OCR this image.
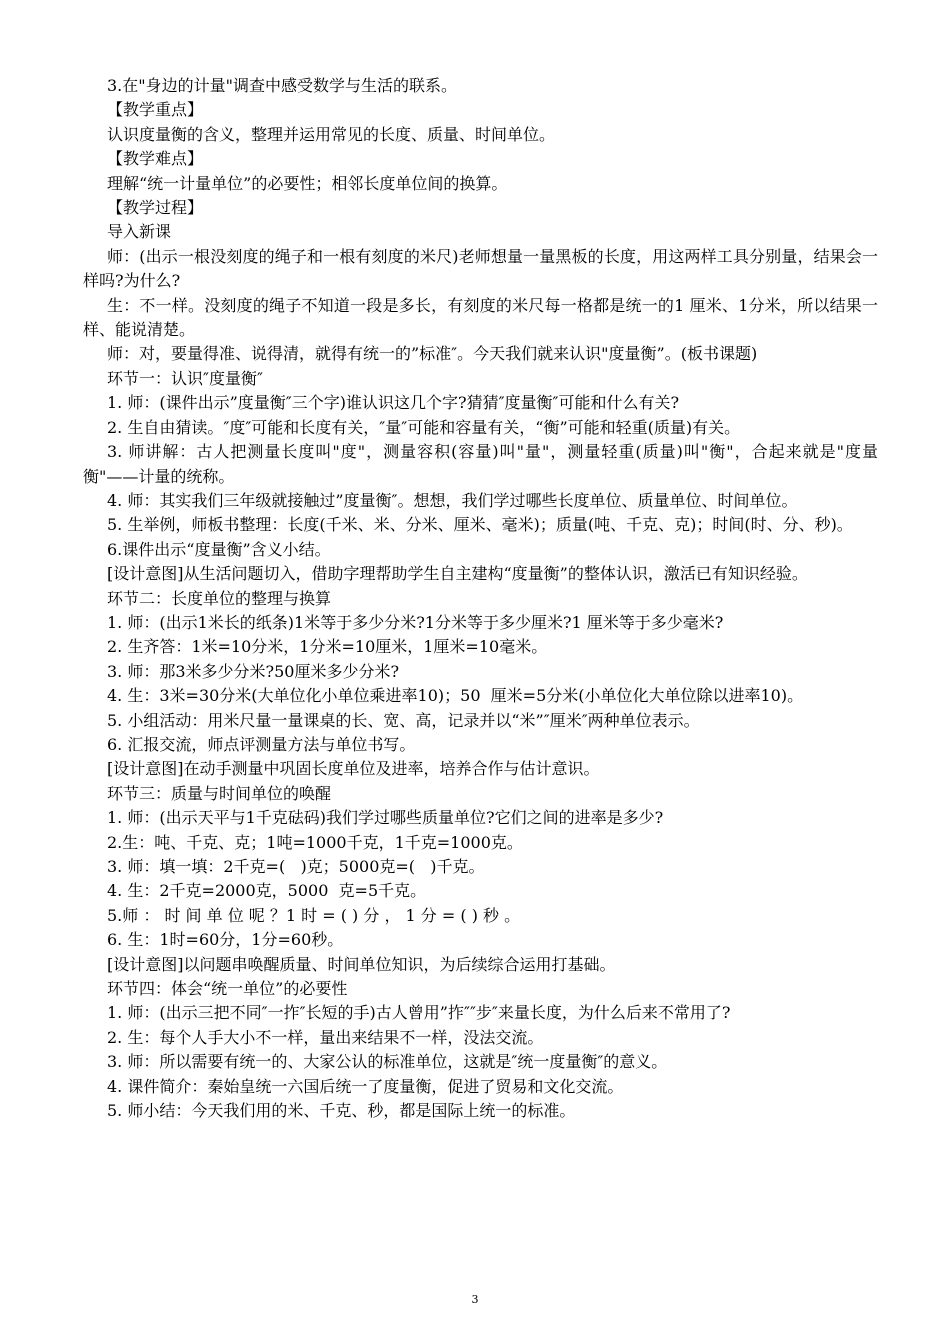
3.在"身边的计量"调查中感受数学与生活的联系。

【教学重点】

认识度量衡的含义，整理并运用常见的长度、质量、时间单位。

【教学难点】

理解“统一计量单位”的必要性；相邻长度单位间的换算。

【教学过程】

导入新课

师：(出示一根没刻度的绳子和一根有刻度的米尺)老师想量一量黑板的长度，用这两样工具分别量，结果会一样吗?为什么?

生：不一样。没刻度的绳子不知道一段是多长，有刻度的米尺每一格都是统一的1 厘米、1分米，所以结果一样、能说清楚。

师：对，要量得准、说得清，就得有统一的”标准″。今天我们就来认识"度量衡”。(板书课题)

环节一：认识″度量衡″

1. 师：(课件出示”度量衡″三个字)谁认识这几个字?猜猜″度量衡″可能和什么有关?

2. 生自由猜读。″度″可能和长度有关，″量″可能和容量有关，“衡”可能和轻重(质量)有关。

3. 师讲解：古人把测量长度叫"度"，测量容积(容量)叫"量"，测量轻重(质量)叫"衡"，合起来就是"度量衡"——计量的统称。

4. 师：其实我们三年级就接触过”度量衡″。想想，我们学过哪些长度单位、质量单位、时间单位。

5. 生举例，师板书整理：长度(千米、米、分米、厘米、毫米)；质量(吨、千克、克)；时间(时、分、秒)。

6.课件出示“度量衡”含义小结。

[设计意图]从生活问题切入，借助字理帮助学生自主建构“度量衡”的整体认识，激活已有知识经验。

环节二：长度单位的整理与换算

1. 师：(出示1米长的纸条)1米等于多少分米?1分米等于多少厘米?1 厘米等于多少毫米?

2. 生齐答：1米=10分米，1分米=10厘米，1厘米=10毫米。

3. 师：那3米多少分米?50厘米多少分米?

4. 生：3米=30分米(大单位化小单位乘进率10)；50  厘米=5分米(小单位化大单位除以进率10)。

5. 小组活动：用米尺量一量课桌的长、宽、高，记录并以“米”″厘米″两种单位表示。

6. 汇报交流，师点评测量方法与单位书写。

[设计意图]在动手测量中巩固长度单位及进率，培养合作与估计意识。

环节三：质量与时间单位的唤醒

1. 师：(出示天平与1千克砝码)我们学过哪些质量单位?它们之间的进率是多少?

2.生：吨、千克、克；1吨=1000千克，1千克=1000克。

3. 师：填一填：2千克=(   )克；5000克=(   )千克。

4. 生：2千克=2000克，5000  克=5千克。

5.师 ： 时 间 单 位 呢 ？1 时 = ( ) 分 ， 1 分 = ( ) 秒 。

6. 生：1时=60分，1分=60秒。

[设计意图]以问题串唤醒质量、时间单位知识，为后续综合运用打基础。

环节四：体会“统一单位”的必要性

1. 师：(出示三把不同″一拃″长短的手)古人曾用”拃″″步″来量长度，为什么后来不常用了?

2. 生：每个人手大小不一样，量出来结果不一样，没法交流。

3. 师：所以需要有统一的、大家公认的标准单位，这就是″统一度量衡″的意义。

4. 课件简介：秦始皇统一六国后统一了度量衡，促进了贸易和文化交流。

5. 师小结：今天我们用的米、千克、秒，都是国际上统一的标准。

3
